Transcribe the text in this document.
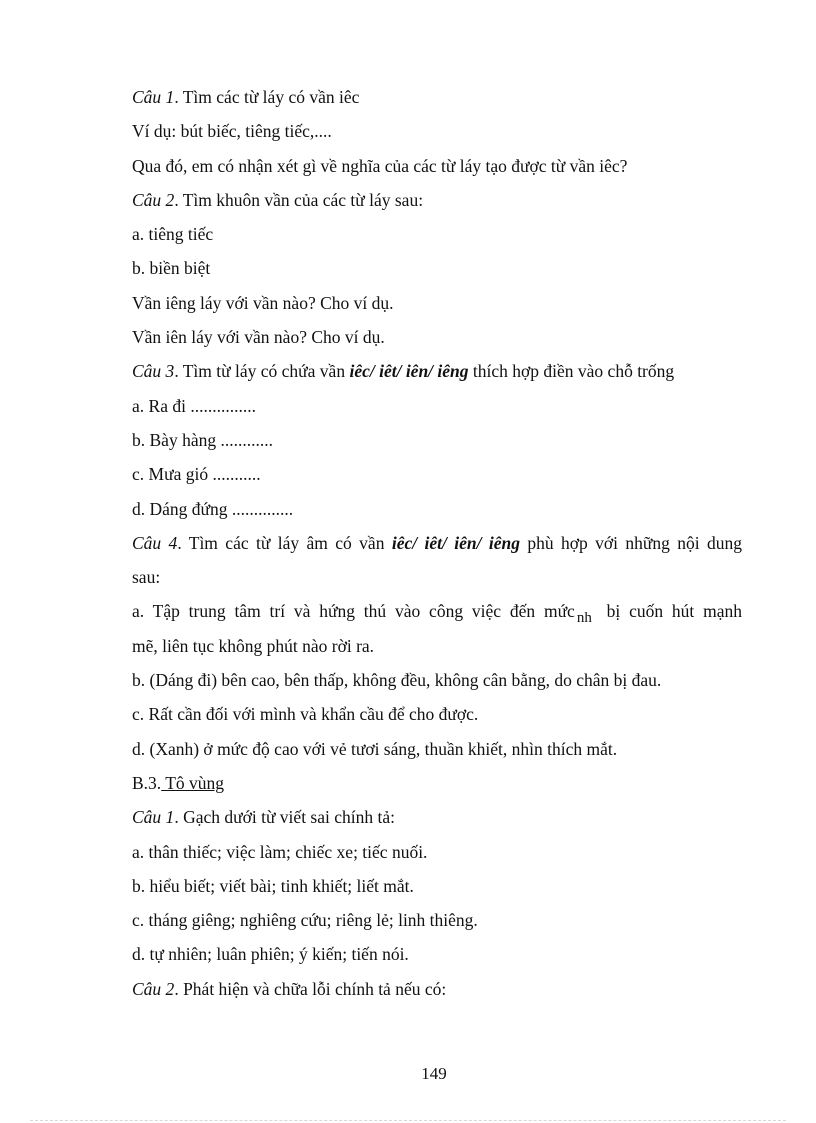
Câu 1. Tìm các từ láy có vần iêc
Ví dụ: bút biếc, tiêng tiếc,....
Qua đó, em có nhận xét gì về nghĩa của các từ láy tạo được từ vần iêc?
Câu 2. Tìm khuôn vần của các từ láy sau:
a. tiêng tiếc
b. biền biệt
Vần iêng láy với vần nào? Cho ví dụ.
Vần iên láy với vần nào? Cho ví dụ.
Câu 3. Tìm từ láy có chứa vần iêc/ iêt/ iên/ iêng thích hợp điền vào chỗ trống
a. Ra đi ...............
b. Bày hàng ............
c. Mưa gió ...........
d. Dáng đứng ..............
Câu 4. Tìm các từ láy âm có vần iêc/ iêt/ iên/ iêng phù hợp với những nội dung
sau:
a. Tập trung tâm trí và hứng thú vào công việc đến mức nh bị cuốn hút mạnh
mẽ, liên tục không phút nào rời ra.
b. (Dáng đi) bên cao, bên thấp, không đều, không cân bằng, do chân bị đau.
c. Rất cần đối với mình và khẩn cầu để cho được.
d. (Xanh) ở mức độ cao với vẻ tươi sáng, thuần khiết, nhìn thích mắt.
B.3. Tô vùng
Câu 1. Gạch dưới từ viết sai chính tả:
a. thân thiếc; việc làm; chiếc xe; tiếc nuối.
b. hiểu biết; viết bài; tinh khiết; liết mắt.
c. tháng giêng; nghiêng cứu; riêng lẻ; linh thiêng.
d. tự nhiên; luân phiên; ý kiến; tiến nói.
Câu 2. Phát hiện và chữa lỗi chính tả nếu có:
149
